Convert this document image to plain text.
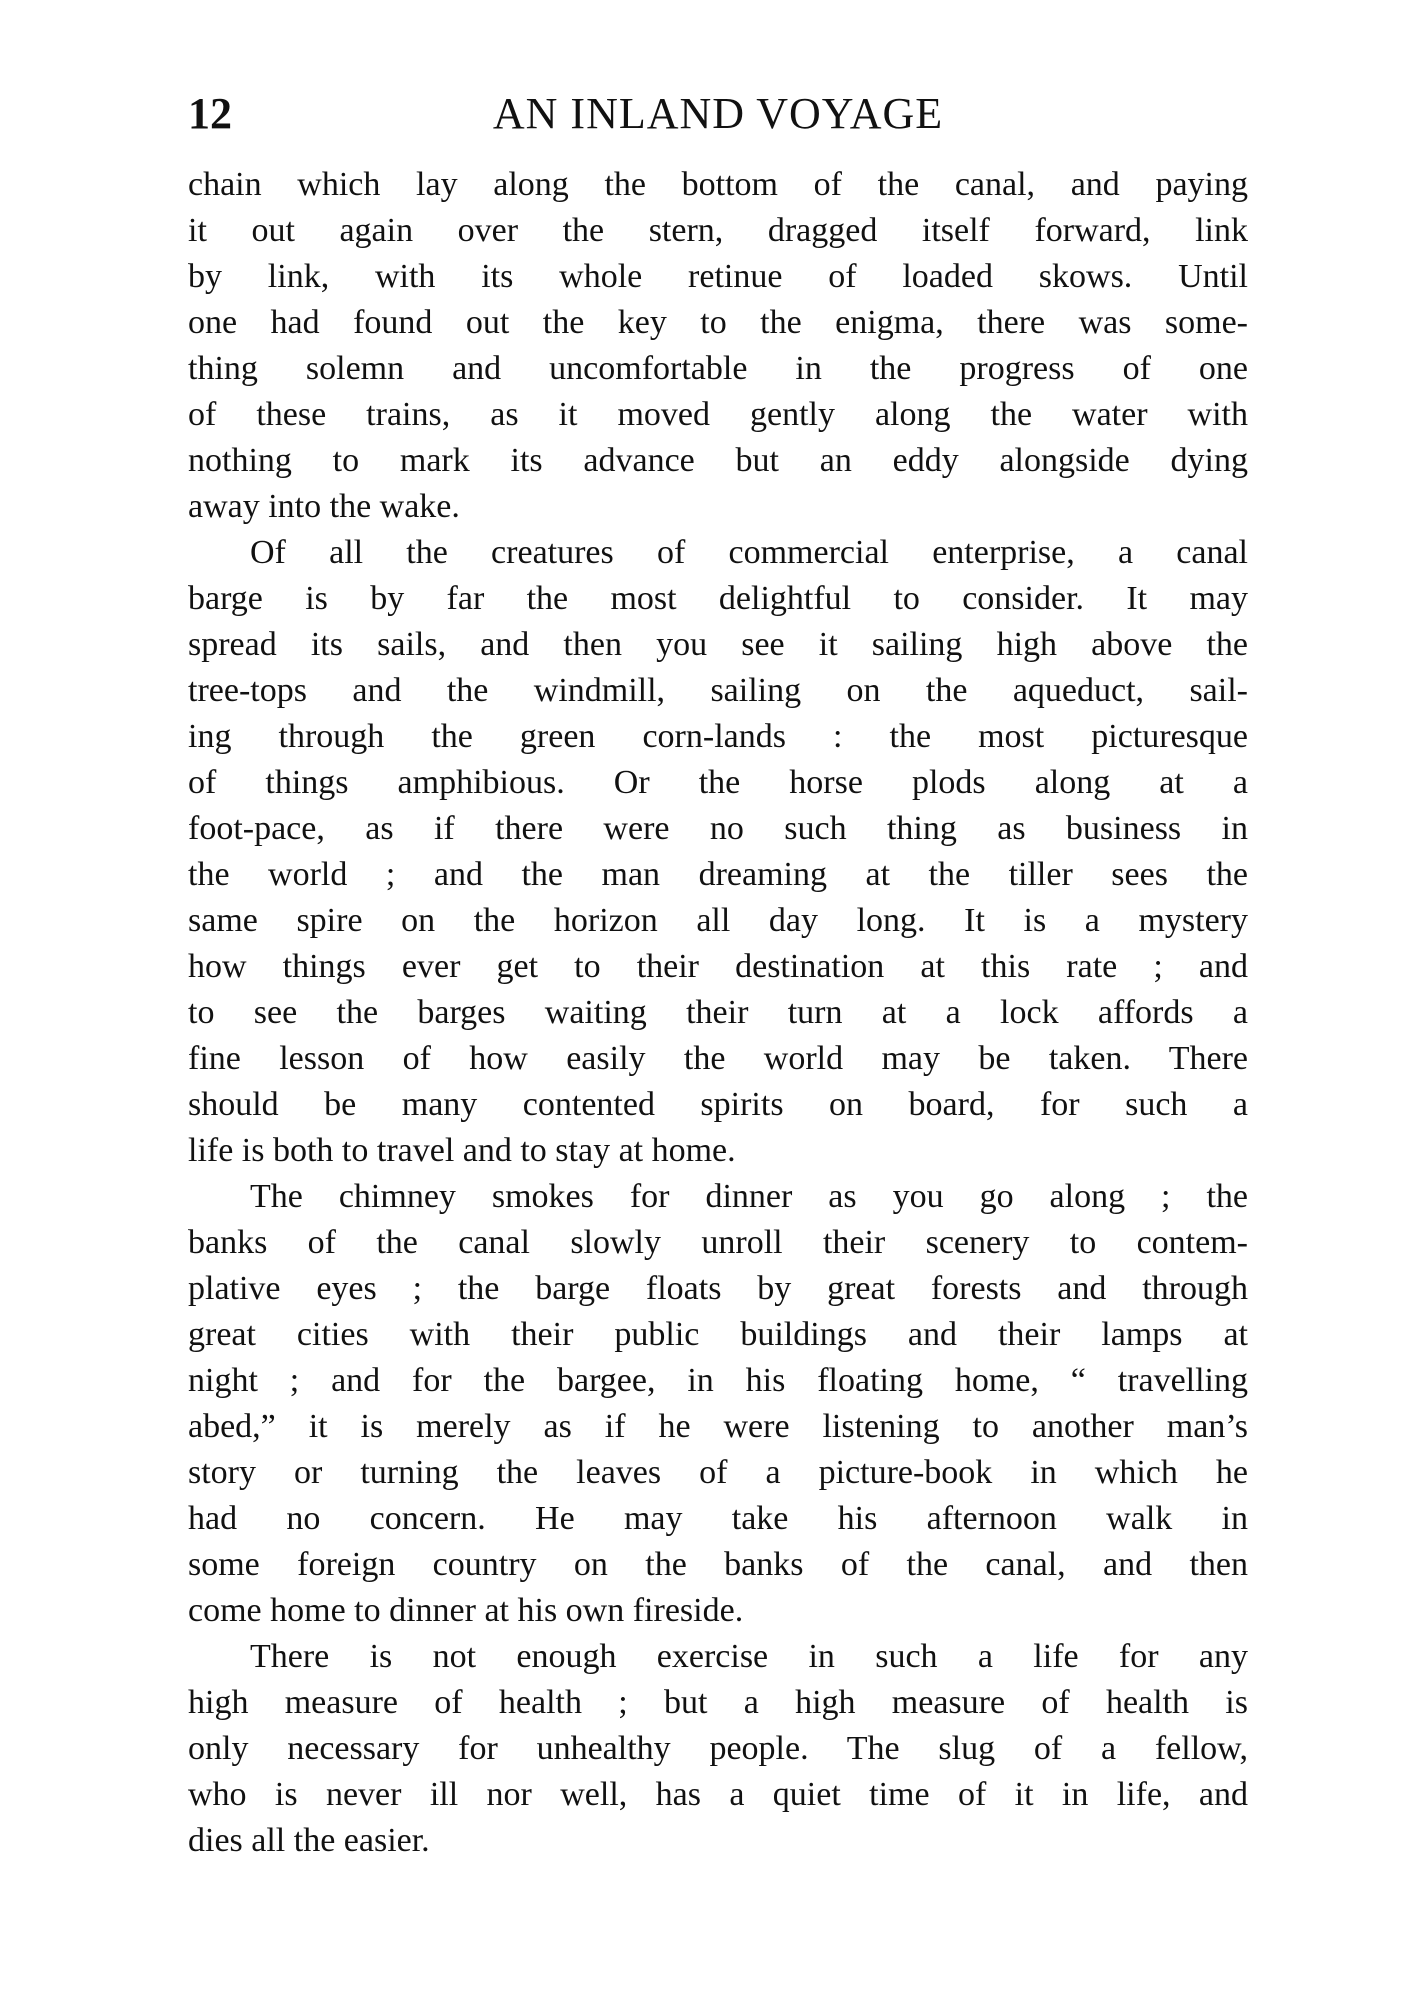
12	AN INLAND VOYAGE
chain which lay along the bottom of the canal, and paying
it out again over the stern, dragged itself forward, link
by link, with its whole retinue of loaded skows. Until
one had found out the key to the enigma, there was some-
thing solemn and uncomfortable in the progress of one
of these trains, as it moved gently along the water with
nothing to mark its advance but an eddy alongside dying
away into the wake.
Of all the creatures of commercial enterprise, a canal
barge is by far the most delightful to consider. It may
spread its sails, and then you see it sailing high above the
tree-tops and the windmill, sailing on the aqueduct, sail-
ing through the green corn-lands : the most picturesque
of things amphibious. Or the horse plods along at a
foot-pace, as if there were no such thing as business in
the world ; and the man dreaming at the tiller sees the
same spire on the horizon all day long. It is a mystery
how things ever get to their destination at this rate ; and
to see the barges waiting their turn at a lock affords a
fine lesson of how easily the world may be taken. There
should be many contented spirits on board, for such a
life is both to travel and to stay at home.
The chimney smokes for dinner as you go along ; the
banks of the canal slowly unroll their scenery to contem-
plative eyes ; the barge floats by great forests and through
great cities with their public buildings and their lamps at
night ; and for the bargee, in his floating home, “ travelling
abed,” it is merely as if he were listening to another man’s
story or turning the leaves of a picture-book in which he
had no concern. He may take his afternoon walk in
some foreign country on the banks of the canal, and then
come home to dinner at his own fireside.
There is not enough exercise in such a life for any
high measure of health ; but a high measure of health is
only necessary for unhealthy people. The slug of a fellow,
who is never ill nor well, has a quiet time of it in life, and
dies all the easier.
